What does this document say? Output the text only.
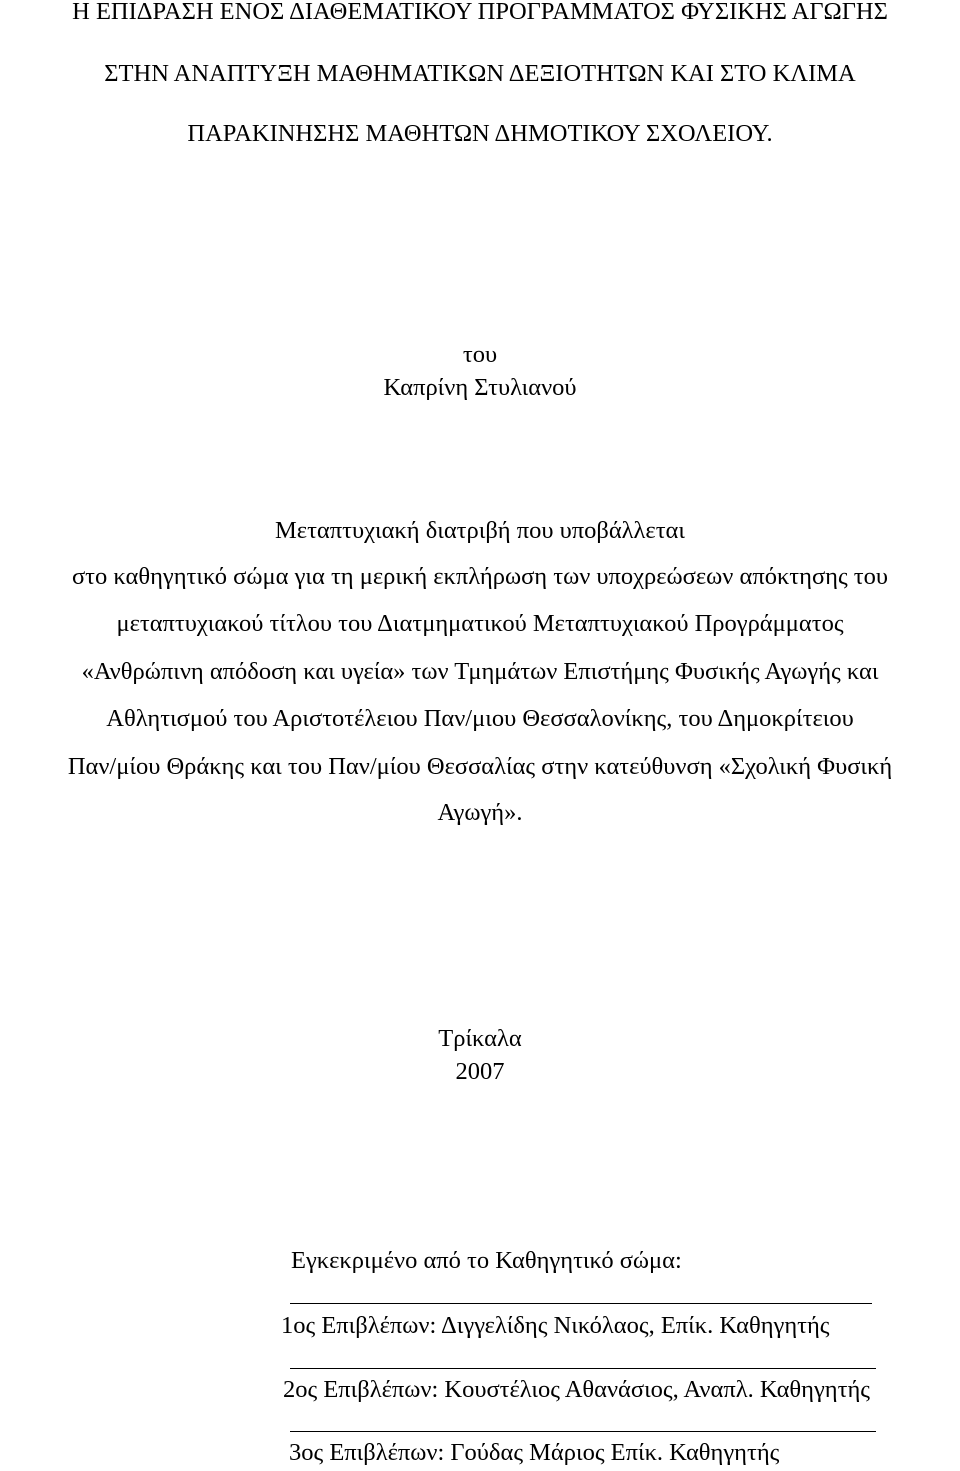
Η ΕΠΙΔΡΑΣΗ ΕΝΟΣ ΔΙΑΘΕΜΑΤΙΚΟΥ ΠΡΟΓΡΑΜΜΑΤΟΣ ΦΥΣΙΚΗΣ ΑΓΩΓΗΣ
ΣΤΗΝ ΑΝΑΠΤΥΞΗ ΜΑΘΗΜΑΤΙΚΩΝ ΔΕΞΙΟΤΗΤΩΝ ΚΑΙ ΣΤΟ ΚΛΙΜΑ
ΠΑΡΑΚΙΝΗΣΗΣ ΜΑΘΗΤΩΝ ΔΗΜΟΤΙΚΟΥ ΣΧΟΛΕΙΟΥ.
του
Καπρίνη Στυλιανού
Μεταπτυχιακή διατριβή που υποβάλλεται
στο καθηγητικό σώμα για τη μερική εκπλήρωση των υποχρεώσεων απόκτησης του
μεταπτυχιακού τίτλου του Διατμηματικού Μεταπτυχιακού Προγράμματος
«Ανθρώπινη απόδοση και υγεία» των Τμημάτων Επιστήμης Φυσικής Αγωγής και
Αθλητισμού του Αριστοτέλειου Παν/μιου Θεσσαλονίκης, του Δημοκρίτειου
Παν/μίου Θράκης και του Παν/μίου Θεσσαλίας στην κατεύθυνση «Σχολική Φυσική
Αγωγή».
Τρίκαλα
2007
Εγκεκριμένο από το Καθηγητικό σώμα:
1ος Επιβλέπων: Διγγελίδης Νικόλαος, Επίκ. Καθηγητής
2ος Επιβλέπων: Κουστέλιος Αθανάσιος, Αναπλ. Καθηγητής
3ος Επιβλέπων: Γούδας Μάριος Επίκ. Καθηγητής
